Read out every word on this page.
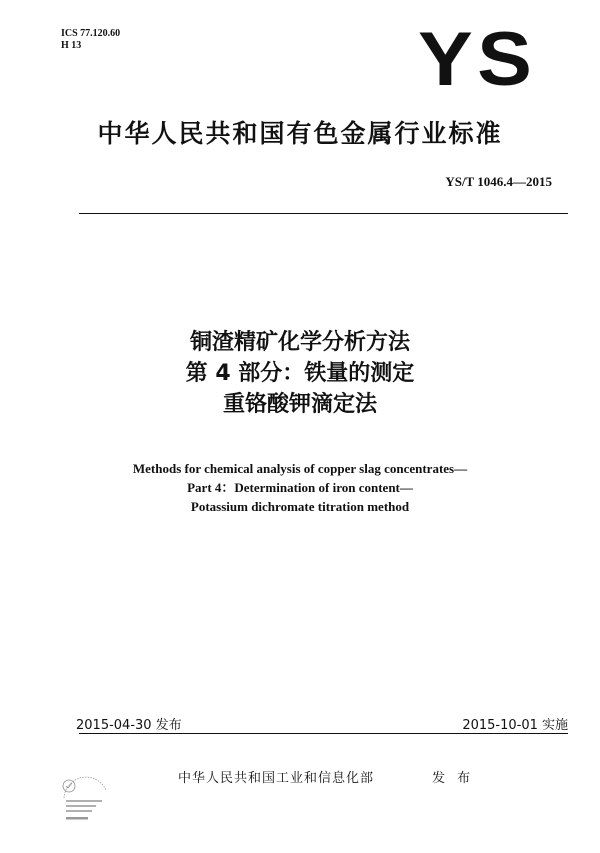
ICS 77.120.60
H 13	YS
中华人民共和国有色金属行业标准
YS/T 1046.4—2015
铜渣精矿化学分析方法
第 4 部分：铁量的测定
重铬酸钾滴定法
Methods for chemical analysis of copper slag concentrates—
Part 4：Determination of iron content—
Potassium dichromate titration method
2015-04-30 发布	2015-10-01 实施
中华人民共和国工业和信息化部	发 布
